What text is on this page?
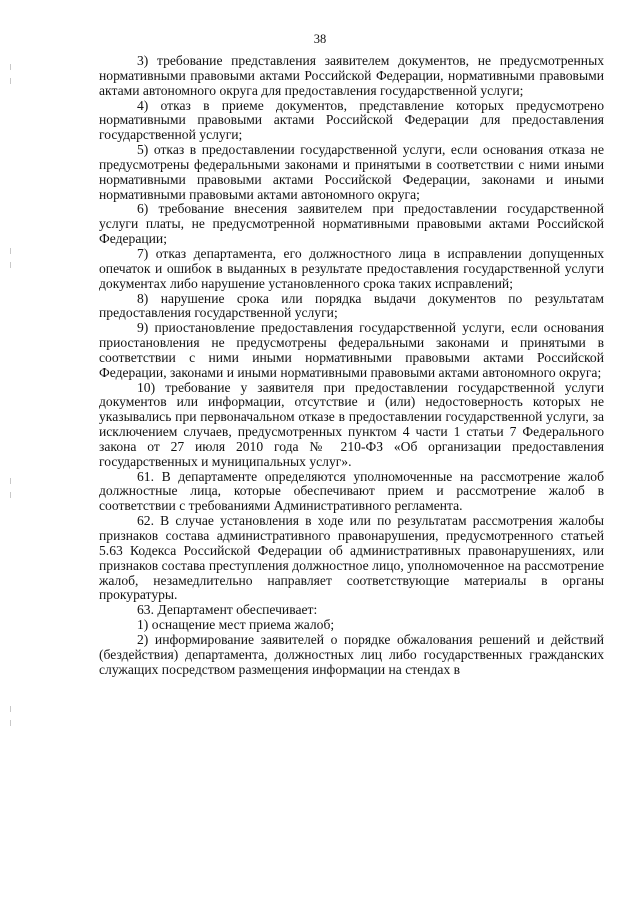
38

3) требование представления заявителем документов, не предусмотренных нормативными правовыми актами Российской Федерации, нормативными правовыми актами автономного округа для предоставления государственной услуги;

4) отказ в приеме документов, представление которых предусмотрено нормативными правовыми актами Российской Федерации для предоставления государственной услуги;

5) отказ в предоставлении государственной услуги, если основания отказа не предусмотрены федеральными законами и принятыми в соответствии с ними иными нормативными правовыми актами Российской Федерации, законами и иными нормативными правовыми актами автономного округа;

6) требование внесения заявителем при предоставлении государственной услуги платы, не предусмотренной нормативными правовыми актами Российской Федерации;

7) отказ департамента, его должностного лица в исправлении допущенных опечаток и ошибок в выданных в результате предоставления государственной услуги документах либо нарушение установленного срока таких исправлений;

8) нарушение срока или порядка выдачи документов по результатам предоставления государственной услуги;

9) приостановление предоставления государственной услуги, если основания приостановления не предусмотрены федеральными законами и принятыми в соответствии с ними иными нормативными правовыми актами Российской Федерации, законами и иными нормативными правовыми актами автономного округа;

10) требование у заявителя при предоставлении государственной услуги документов или информации, отсутствие и (или) недостоверность которых не указывались при первоначальном отказе в предоставлении государственной услуги, за исключением случаев, предусмотренных пунктом 4 части 1 статьи 7 Федерального закона от 27 июля 2010 года № 210-ФЗ «Об организации предоставления государственных и муниципальных услуг».

61. В департаменте определяются уполномоченные на рассмотрение жалоб должностные лица, которые обеспечивают прием и рассмотрение жалоб в соответствии с требованиями Административного регламента.

62. В случае установления в ходе или по результатам рассмотрения жалобы признаков состава административного правонарушения, предусмотренного статьей 5.63 Кодекса Российской Федерации об административных правонарушениях, или признаков состава преступления должностное лицо, уполномоченное на рассмотрение жалоб, незамедлительно направляет соответствующие материалы в органы прокуратуры.

63. Департамент обеспечивает:

1) оснащение мест приема жалоб;

2) информирование заявителей о порядке обжалования решений и действий (бездействия) департамента, должностных лиц либо государственных гражданских служащих посредством размещения информации на стендах в
